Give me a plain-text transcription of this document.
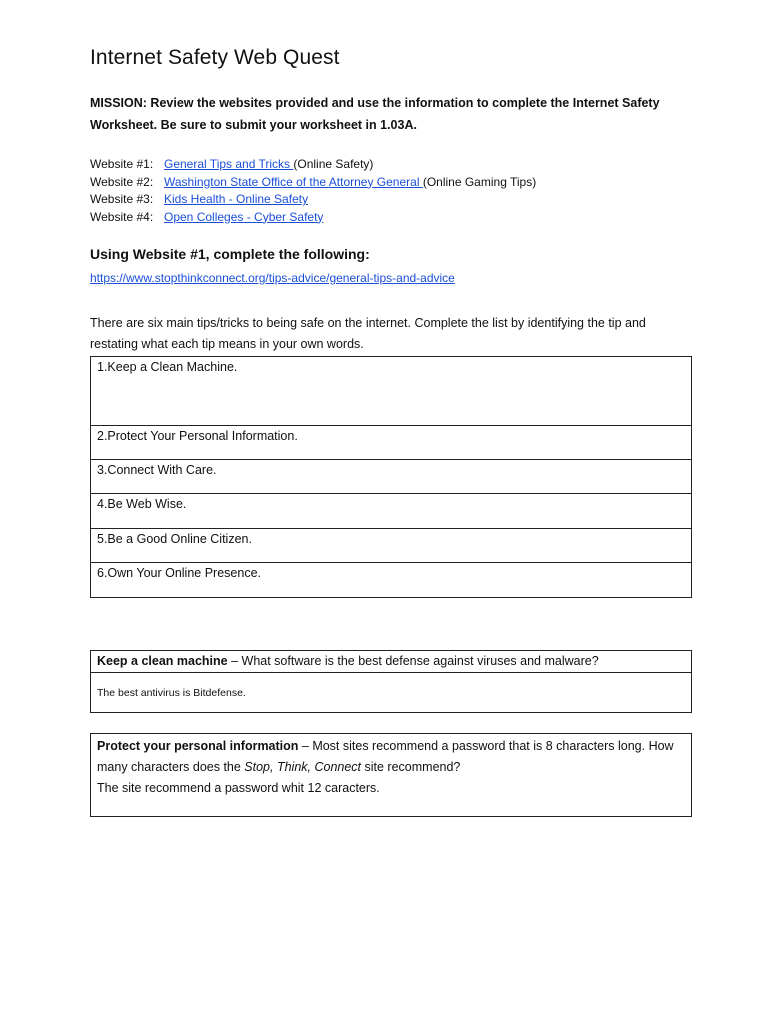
Internet Safety Web Quest

MISSION: Review the websites provided and use the information to complete the Internet Safety Worksheet. Be sure to submit your worksheet in 1.03A.

Website #1: General Tips and Tricks (Online Safety)
Website #2: Washington State Office of the Attorney General (Online Gaming Tips)
Website #3: Kids Health - Online Safety
Website #4: Open Colleges - Cyber Safety
Using Website #1, complete the following:
https://www.stopthinkconnect.org/tips-advice/general-tips-and-advice

There are six main tips/tricks to being safe on the internet. Complete the list by identifying the tip and restating what each tip means in your own words.

1.Keep a Clean Machine.
2.Protect Your Personal Information.
3.Connect With Care.
4.Be Web Wise.
5.Be a Good Online Citizen.
6.Own Your Online Presence.
Keep a clean machine – What software is the best defense against viruses and malware?
The best antivirus is Bitdefense.
Protect your personal information – Most sites recommend a password that is 8 characters long. How many characters does the Stop, Think, Connect site recommend?
The site recommend a password whit 12 caracters.
